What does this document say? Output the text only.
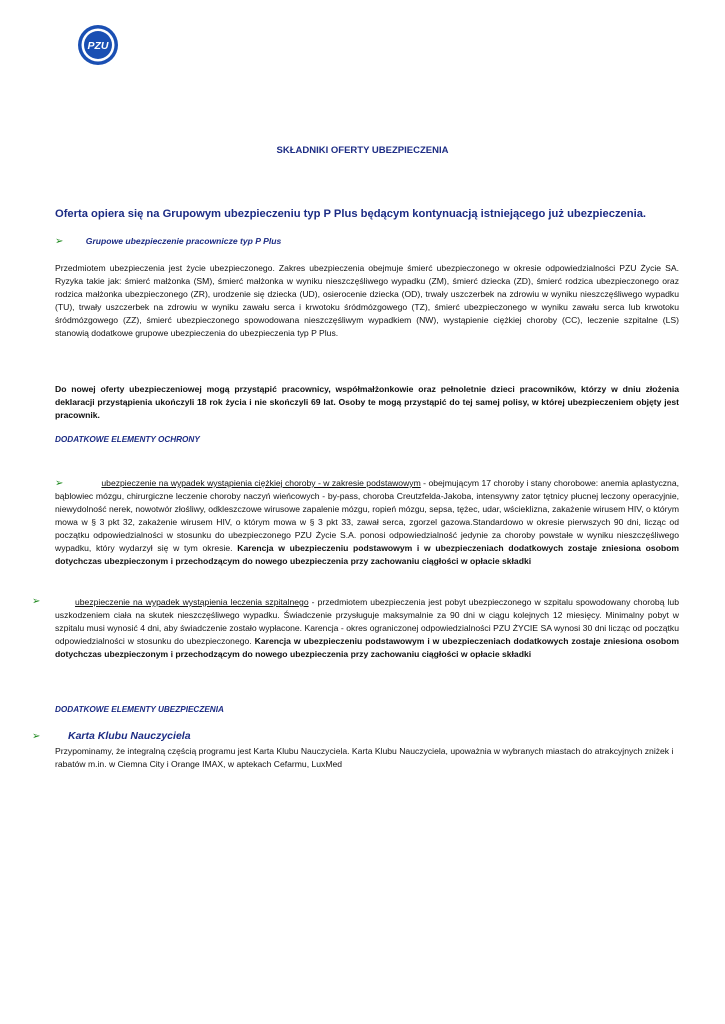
PZU
SKŁADNIKI OFERTY UBEZPIECZENIA
Oferta opiera się na Grupowym ubezpieczeniu typ P Plus będącym kontynuacją istniejącego już ubezpieczenia.
➢	Grupowe ubezpieczenie pracownicze typ P Plus
Przedmiotem ubezpieczenia jest życie ubezpieczonego. Zakres ubezpieczenia obejmuje śmierć ubezpieczonego w okresie odpowiedzialności PZU Życie SA. Ryzyka takie jak: śmierć małżonka (SM), śmierć małżonka w wyniku nieszczęśliwego wypadku (ZM), śmierć dziecka (ZD), śmierć rodzica ubezpieczonego oraz rodzica małżonka ubezpieczonego (ZR), urodzenie się dziecka (UD), osierocenie dziecka (OD), trwały uszczerbek na zdrowiu w wyniku nieszczęśliwego wypadku (TU), trwały uszczerbek na zdrowiu w wyniku zawału serca i krwotoku śródmózgowego (TZ), śmierć ubezpieczonego w wyniku zawału serca lub krwotoku śródmózgowego (ZZ), śmierć ubezpieczonego spowodowana nieszczęśliwym wypadkiem (NW), wystąpienie ciężkiej choroby (CC), leczenie szpitalne (LS) stanowią dodatkowe grupowe ubezpieczenia do ubezpieczenia typ P Plus.
Do nowej oferty ubezpieczeniowej mogą przystąpić pracownicy, współmałżonkowie oraz pełnoletnie dzieci pracowników, którzy w dniu złożenia deklaracji przystąpienia ukończyli 18 rok życia i nie skończyli 69 lat. Osoby te mogą przystąpić do tej samej polisy, w której ubezpieczeniem objęty jest pracownik.
DODATKOWE ELEMENTY OCHRONY
➢	ubezpieczenie na wypadek wystąpienia ciężkiej choroby - w zakresie podstawowym - obejmującym 17 choroby i stany chorobowe: anemia aplastyczna, bąblowiec mózgu, chirurgiczne leczenie choroby naczyń wieńcowych - by-pass, choroba Creutzfelda-Jakoba, intensywny zator tętnicy płucnej leczony operacyjnie, niewydolność nerek, nowotwór złośliwy, odkleszczowe wirusowe zapalenie mózgu, ropień mózgu, sepsa, tężec, udar, wścieklizna, zakażenie wirusem HIV, o którym mowa w § 3 pkt 32, zakażenie wirusem HIV, o którym mowa w § 3 pkt 33, zawał serca, zgorzel gazowa.Standardowo w okresie pierwszych 90 dni, licząc od początku odpowiedzialności w stosunku do ubezpieczonego PZU Życie S.A. ponosi odpowiedzialność jedynie za choroby powstałe w wyniku nieszczęśliwego wypadku, który wydarzył się w tym okresie. Karencja w ubezpieczeniu podstawowym i w ubezpieczeniach dodatkowych zostaje zniesiona osobom dotychczas ubezpieczonym i przechodzącym do nowego ubezpieczenia przy zachowaniu ciągłości w opłacie składki
➢	ubezpieczenie na wypadek wystąpienia leczenia szpitalnego - przedmiotem ubezpieczenia jest pobyt ubezpieczonego w szpitalu spowodowany chorobą lub uszkodzeniem ciała na skutek nieszczęśliwego wypadku. Świadczenie przysługuje maksymalnie za 90 dni w ciągu kolejnych 12 miesięcy. Minimalny pobyt w szpitalu musi wynosić 4 dni, aby świadczenie zostało wypłacone. Karencja - okres ograniczonej odpowiedzialności PZU ŻYCIE SA wynosi 30 dni licząc od początku odpowiedzialności w stosunku do ubezpieczonego. Karencja w ubezpieczeniu podstawowym i w ubezpieczeniach dodatkowych zostaje zniesiona osobom dotychczas ubezpieczonym i przechodzącym do nowego ubezpieczenia przy zachowaniu ciągłości w opłacie składki
DODATKOWE ELEMENTY UBEZPIECZENIA
➢	Karta Klubu Nauczyciela
Przypominamy, że integralną częścią programu jest Karta Klubu Nauczyciela. Karta Klubu Nauczyciela, upoważnia w wybranych miastach do atrakcyjnych zniżek i rabatów m.in. w Ciemna City i Orange IMAX, w aptekach Cefarmu, LuxMed
